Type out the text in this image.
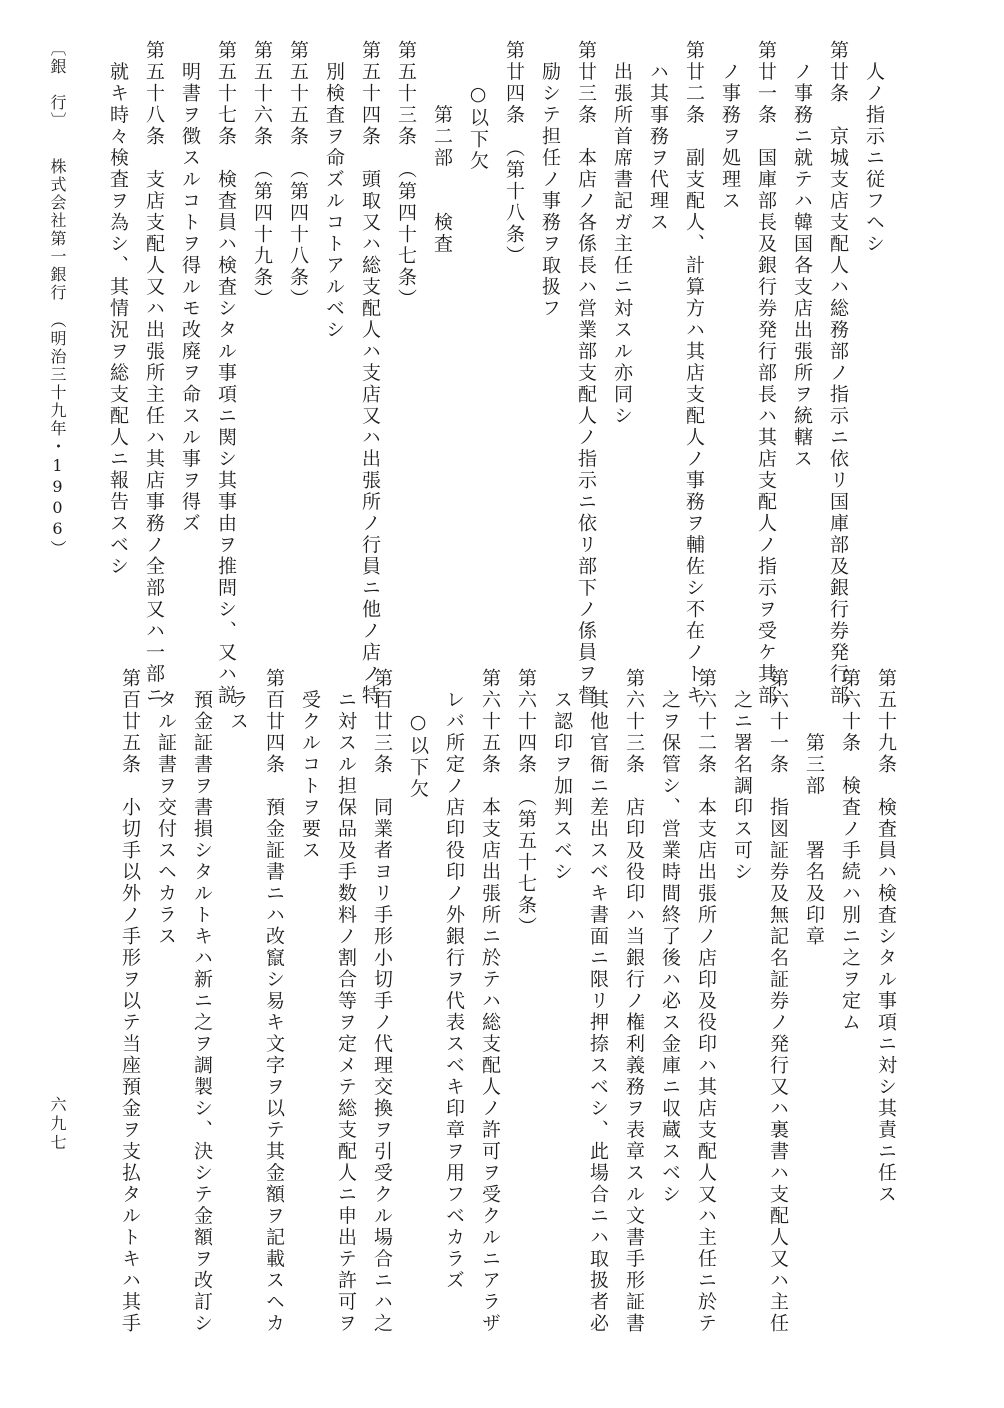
　人ノ指示ニ従フヘシ
第廿条　京城支店支配人ハ総務部ノ指示ニ依リ国庫部及銀行券発行部
　ノ事務ニ就テハ韓国各支店出張所ヲ統轄ス
第廿一条　国庫部長及銀行券発行部長ハ其店支配人ノ指示ヲ受ケ其部
　ノ事務ヲ処理ス
第廿二条　副支配人、計算方ハ其店支配人ノ事務ヲ輔佐シ不在ノトキ
　ハ其事務ヲ代理ス
　出張所首席書記ガ主任ニ対スル亦同シ
第廿三条　本店ノ各係長ハ営業部支配人ノ指示ニ依リ部下ノ係員ヲ督
　励シテ担任ノ事務ヲ取扱フ
第廿四条　（第十八条）
　　○以下欠
　　　第二部　　検査
第五十三条　（第四十七条）
第五十四条　頭取又ハ総支配人ハ支店又ハ出張所ノ行員ニ他ノ店ノ特
　別検査ヲ命ズルコトアルベシ
第五十五条　（第四十八条）
第五十六条　（第四十九条）
第五十七条　検査員ハ検査シタル事項ニ関シ其事由ヲ推問シ、又ハ説
　明書ヲ徴スルコトヲ得ルモ改廃ヲ命スル事ヲ得ズ
第五十八条　支店支配人又ハ出張所主任ハ其店事務ノ全部又ハ一部ニ
　就キ時々検査ヲ為シ、其情況ヲ総支配人ニ報告スベシ
第五十九条　検査員ハ検査シタル事項ニ対シ其責ニ任ス
第六十条　検査ノ手続ハ別ニ之ヲ定ム
　　　第三部　　署名及印章
第六十一条　指図証券及無記名証券ノ発行又ハ裏書ハ支配人又ハ主任
　之ニ署名調印ス可シ
第六十二条　本支店出張所ノ店印及役印ハ其店支配人又ハ主任ニ於テ
　之ヲ保管シ、営業時間終了後ハ必ス金庫ニ収蔵スベシ
第六十三条　店印及役印ハ当銀行ノ権利義務ヲ表章スル文書手形証書
　其他官衙ニ差出スベキ書面ニ限リ押捺スベシ、此場合ニハ取扱者必
　ス認印ヲ加判スベシ
第六十四条　（第五十七条）
第六十五条　本支店出張所ニ於テハ総支配人ノ許可ヲ受クルニアラザ
　レバ所定ノ店印役印ノ外銀行ヲ代表スベキ印章ヲ用フベカラズ
　　○以下欠
第百廿三条　同業者ヨリ手形小切手ノ代理交換ヲ引受クル場合ニハ之
　ニ対スル担保品及手数料ノ割合等ヲ定メテ総支配人ニ申出テ許可ヲ
　受クルコトヲ要ス
第百廿四条　預金証書ニハ改竄シ易キ文字ヲ以テ其金額ヲ記載スヘカ
　ラス
　預金証書ヲ書損シタルトキハ新ニ之ヲ調製シ、決シテ金額ヲ改訂シ
　タル証書ヲ交付スヘカラス
第百廿五条　小切手以外ノ手形ヲ以テ当座預金ヲ支払タルトキハ其手
〔銀　行〕　　株式会社第一銀行　（明治三十九年・1906）
六九七
